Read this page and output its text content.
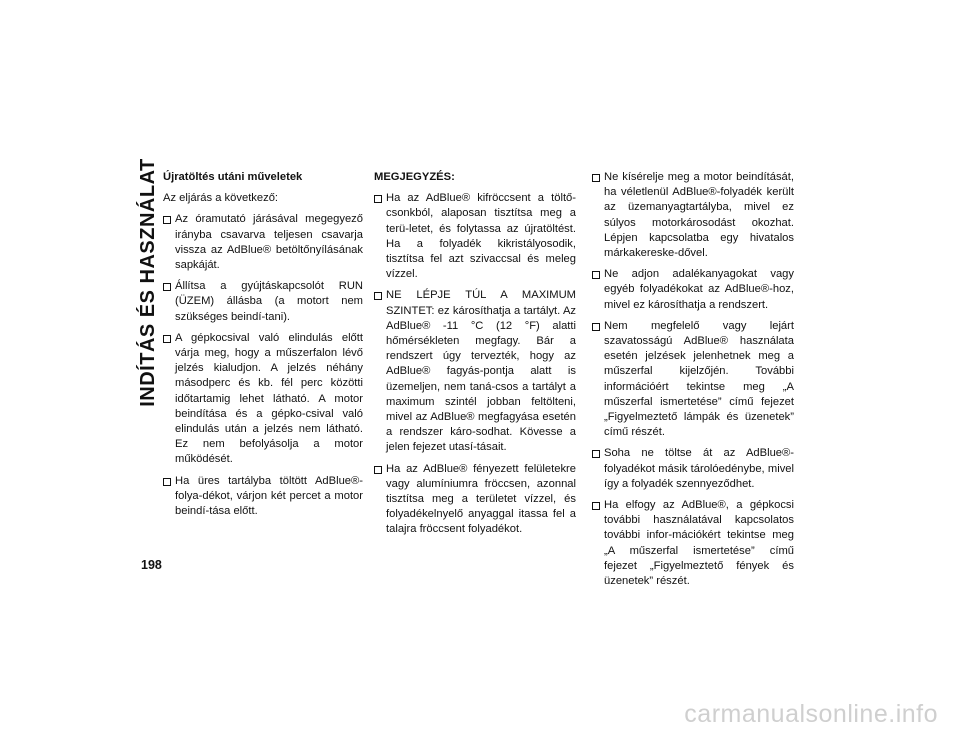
INDÍTÁS ÉS HASZNÁLAT Újratöltés utáni műveletek
Az eljárás a következő:
Az óramutató járásával megegyező irányba csavarva teljesen csavarja vissza az AdBlue® betöltőnyílásának sapkáját.
Állítsa a gyújtáskapcsolót RUN (ÜZEM) állásba (a motort nem szükséges beindí-tani).
A gépkocsival való elindulás előtt várja meg, hogy a műszerfalon lévő jelzés kialudjon. A jelzés néhány másodperc és kb. fél perc közötti időtartamig lehet látható. A motor beindítása és a gépko-csival való elindulás után a jelzés nem látható. Ez nem befolyásolja a motor működését.
Ha üres tartályba töltött AdBlue®-folya-dékot, várjon két percet a motor beindí-tása előtt.
MEGJEGYZÉS:
Ha az AdBlue® kifröccsent a töltő-csonkból, alaposan tisztítsa meg a terü-letet, és folytassa az újratöltést. Ha a folyadék kikristályosodik, tisztítsa fel azt szivaccsal és meleg vízzel.
NE LÉPJE TÚL A MAXIMUM SZINTET: ez károsíthatja a tartályt. Az AdBlue® -11 °C (12 °F) alatti hőmérsékleten megfagy. Bár a rendszert úgy tervezték, hogy az AdBlue® fagyás-pontja alatt is üzemeljen, nem taná-csos a tartályt a maximum szintél jobban feltölteni, mivel az AdBlue® megfagyása esetén a rendszer káro-sodhat. Kövesse a jelen fejezet utasí-tásait.
Ha az AdBlue® fényezett felületekre vagy alumíniumra fröccsen, azonnal tisztítsa meg a területet vízzel, és folyadékelnyelő anyaggal itassa fel a talajra fröccsent folyadékot.
Ne kísérelje meg a motor beindítását, ha véletlenül AdBlue®-folyadék került az üzemanyagtartályba, mivel ez súlyos motorkárosodást okozhat. Lépjen kapcsolatba egy hivatalos márkakereske-dővel.
Ne adjon adalékanyagokat vagy egyéb folyadékokat az AdBlue®-hoz, mivel ez károsíthatja a rendszert.
Nem megfelelő vagy lejárt szavatosságú AdBlue® használata esetén jelzések jelenhetnek meg a műszerfal kijelzőjén. További információért tekintse meg „A műszerfal ismertetése” című fejezet „Figyelmeztető lámpák és üzenetek” című részét.
Soha ne töltse át az AdBlue®-folyadékot másik tárolóedénybe, mivel így a folyadék szennyeződhet.
Ha elfogy az AdBlue®, a gépkocsi további használatával kapcsolatos további infor-mációkért tekintse meg „A műszerfal ismertetése” című fejezet „Figyelmeztető fények és üzenetek” részét.
198
carmanualsonline.info
